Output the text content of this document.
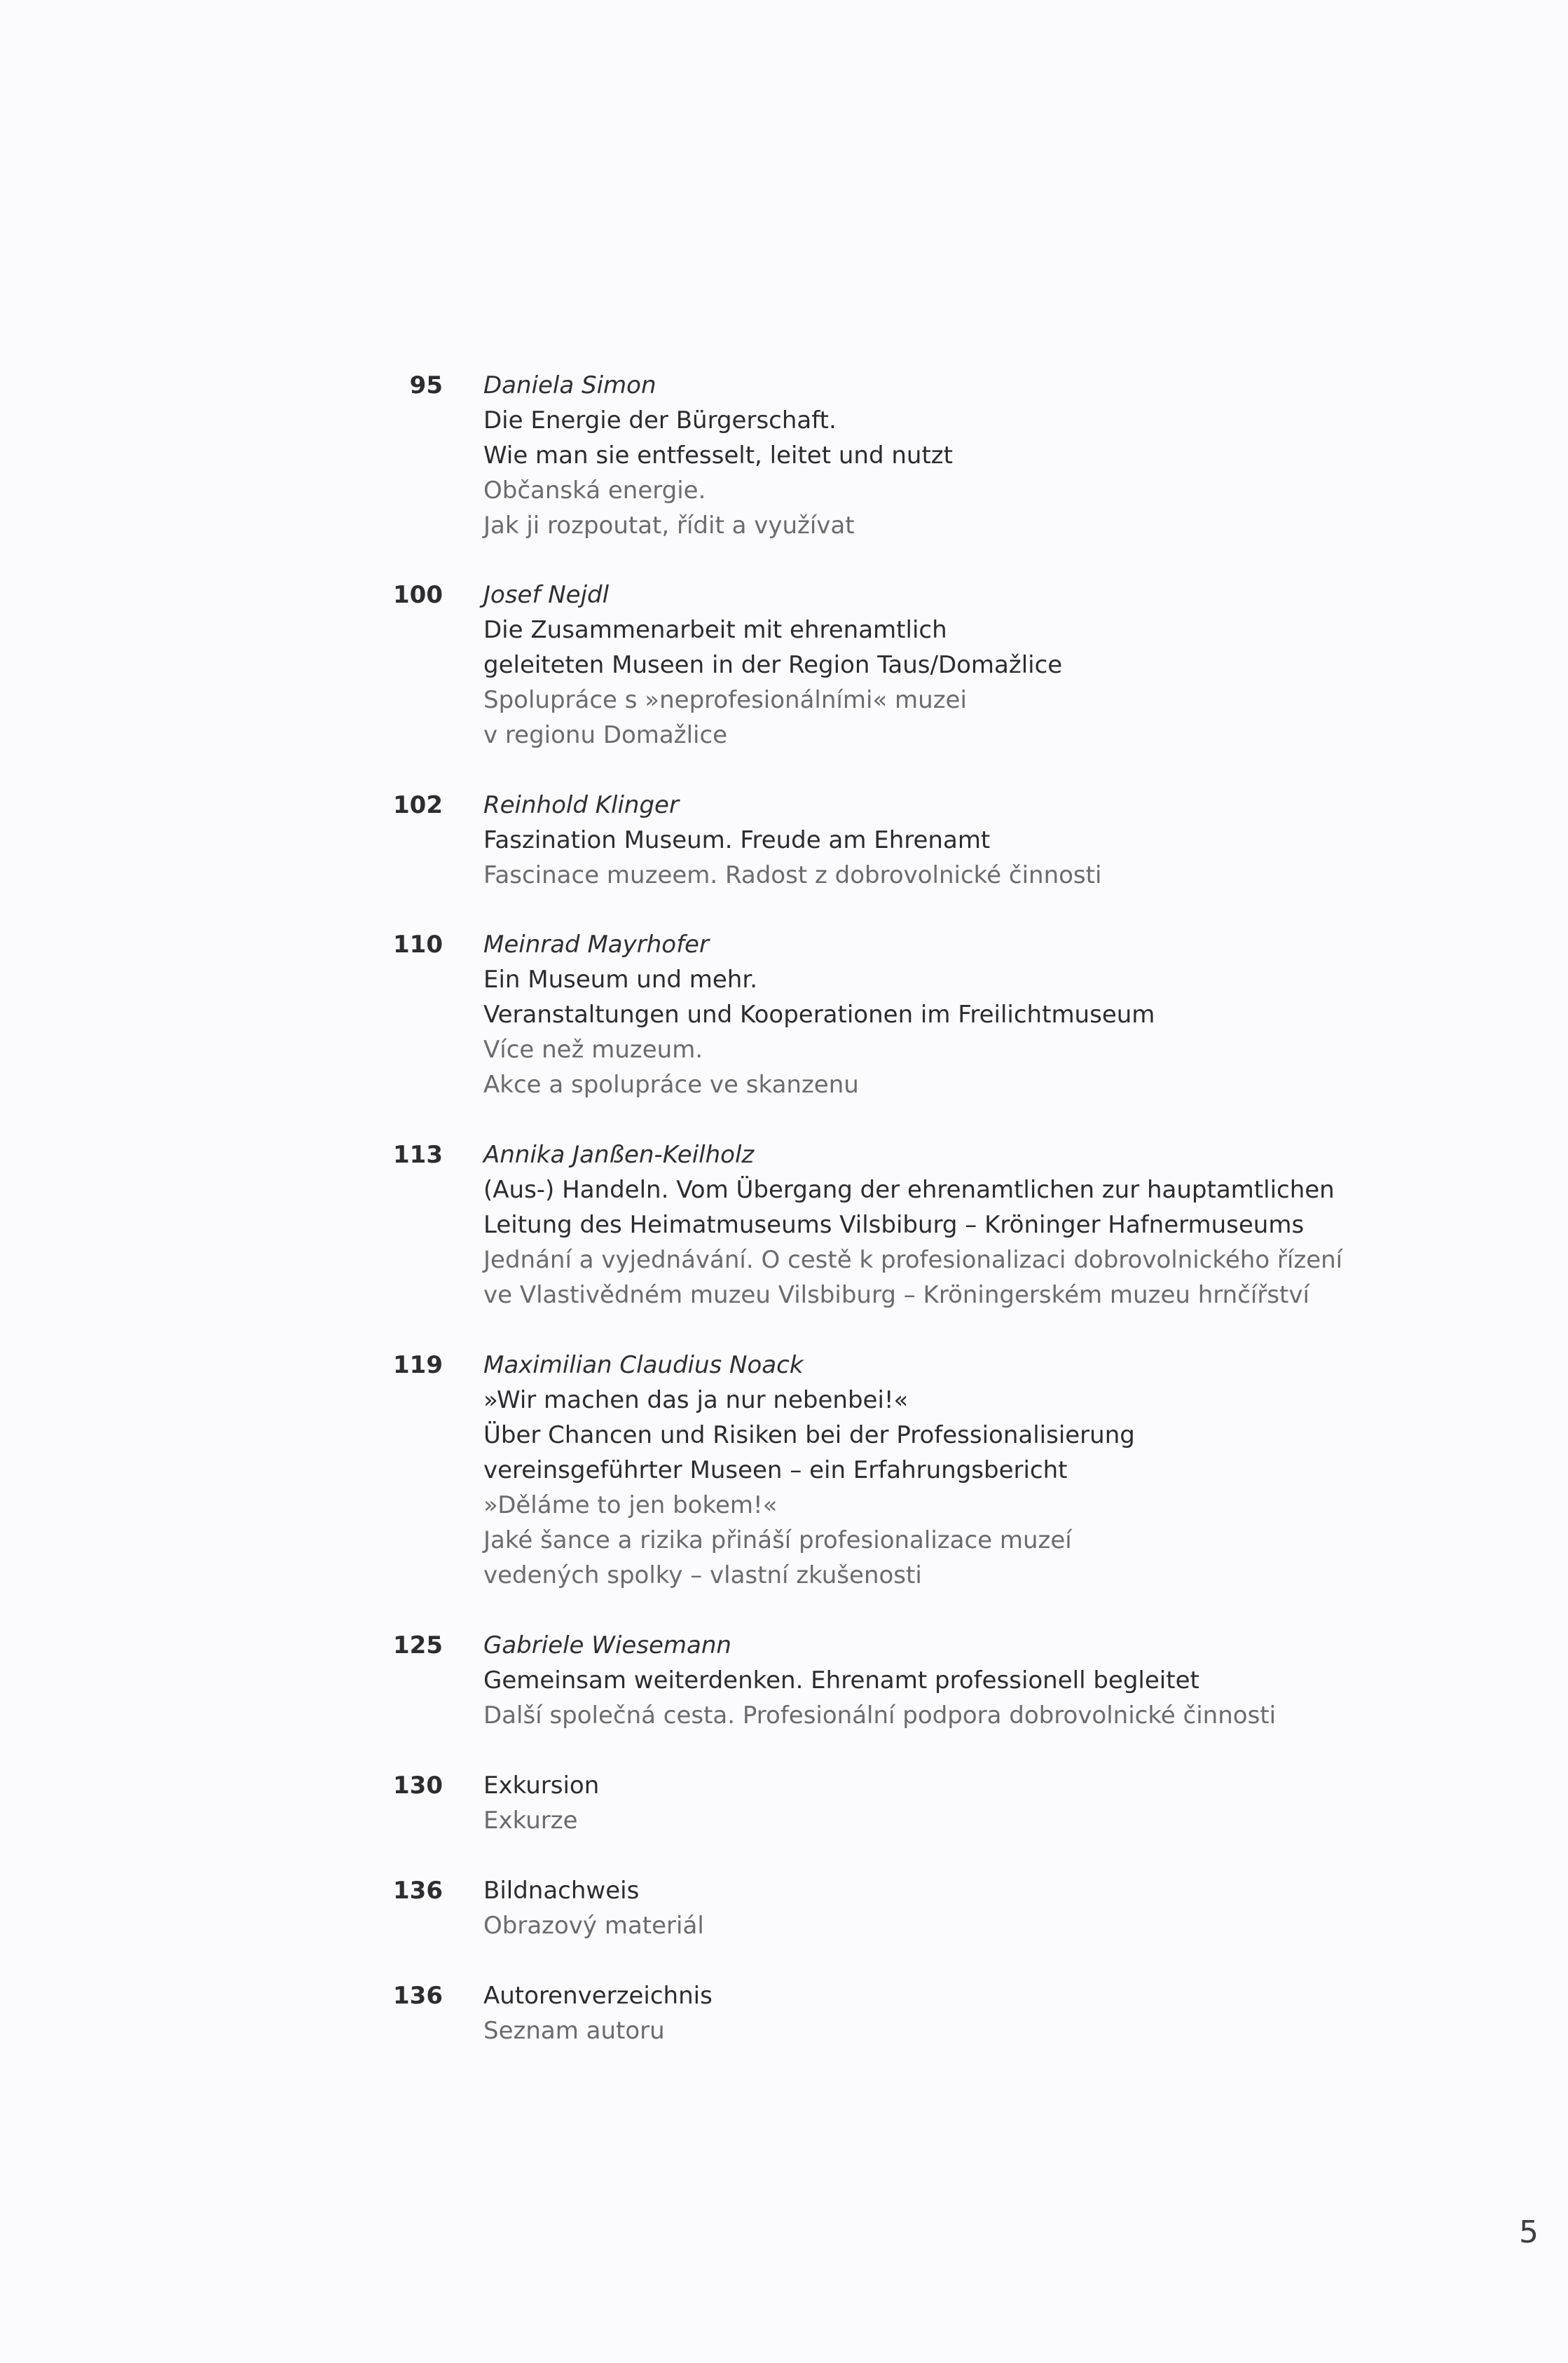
95 Daniela Simon
Die Energie der Bürgerschaft.
Wie man sie entfesselt, leitet und nutzt
Občanská energie.
Jak ji rozpoutat, řídit a využívat
100 Josef Nejdl
Die Zusammenarbeit mit ehrenamtlich
geleiteten Museen in der Region Taus/Domažlice
Spolupráce s »neprofesionálními« muzei
v regionu Domažlice
102 Reinhold Klinger
Faszination Museum. Freude am Ehrenamt
Fascinace muzeem. Radost z dobrovolnické činnosti
110 Meinrad Mayrhofer
Ein Museum und mehr.
Veranstaltungen und Kooperationen im Freilichtmuseum
Více než muzeum.
Akce a spolupráce ve skanzenu
113 Annika Janßen-Keilholz
(Aus-) Handeln. Vom Übergang der ehrenamtlichen zur hauptamtlichen
Leitung des Heimatmuseums Vilsbiburg – Kröninger Hafnermuseums
Jednání a vyjednávání. O cestě k profesionalizaci dobrovolnického řízení
ve Vlastivědném muzeu Vilsbiburg – Kröningerském muzeu hrnčířství
119 Maximilian Claudius Noack
»Wir machen das ja nur nebenbei!«
Über Chancen und Risiken bei der Professionalisierung
vereinsgeführter Museen – ein Erfahrungsbericht
»Děláme to jen bokem!«
Jaké šance a rizika přináší profesionalizace muzeí
vedených spolky – vlastní zkušenosti
125 Gabriele Wiesemann
Gemeinsam weiterdenken. Ehrenamt professionell begleitet
Další společná cesta. Profesionální podpora dobrovolnické činnosti
130 Exkursion
Exkurze
136 Bildnachweis
Obrazový materiál
136 Autorenverzeichnis
Seznam autoru
5
